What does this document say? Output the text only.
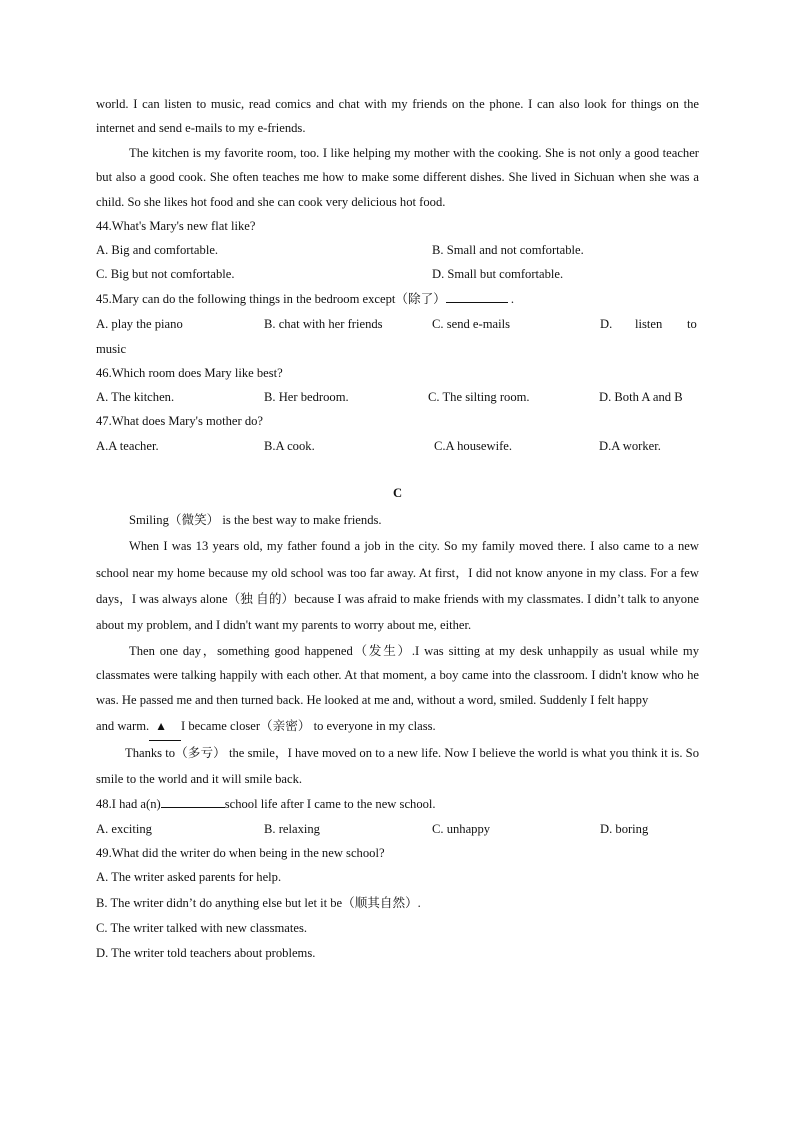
world. I can listen to music, read comics and chat with my friends on the phone. I can also look for things on the internet and send e-mails to my e-friends.

The kitchen is my favorite room, too. I like helping my mother with the cooking. She is not only a good teacher but also a good cook. She often teaches me how to make some different dishes. She lived in Sichuan when she was a child. So she likes hot food and she can cook very delicious hot food.

44.What's Mary's new flat like?
A. Big and comfortable.	B. Small and not comfortable.
C. Big but not comfortable.	D. Small but comfortable.
45.Mary can do the following things in the bedroom except（除了）	.
A. play the piano	B. chat with her friends	C. send e-mails	D. listen to
music
46.Which room does Mary like best?
A. The kitchen.	B. Her bedroom.	C. The silting room.	D. Both A and B
47.What does Mary's mother do?
A.A teacher.	B.A cook.	C.A housewife.	D.A worker.
C

Smiling（微笑） is the best way to make friends.

When I was 13 years old, my father found a job in the city. So my family moved there. I also came to a new school near my home because my old school was too far away. At first，I did not know anyone in my class. For a few days，I was always alone（独 自的）because I was afraid to make friends with my classmates. I didn’t talk to anyone about my problem, and I didn't want my parents to worry about me, either.

Then one day，something good happened（发生）.I was sitting at my desk unhappily as usual while my classmates were talking happily with each other. At that moment, a boy came into the classroom. I didn't know who he was. He passed me and then turned back. He looked at me and, without a word, smiled. Suddenly I felt happy

and warm. ▲ I became closer（亲密） to everyone in my class.

Thanks to（多亏） the smile，I have moved on to a new life. Now I believe the world is what you think it is. So smile to the world and it will smile back.

48.I had a(n)	school life after I came to the new school.
A. exciting	B. relaxing	C. unhappy	D. boring
49.What did the writer do when being in the new school?
A. The writer asked parents for help.
B. The writer didn’t do anything else but let it be（顺其自然）.
C. The writer talked with new classmates.
D. The writer told teachers about problems.
